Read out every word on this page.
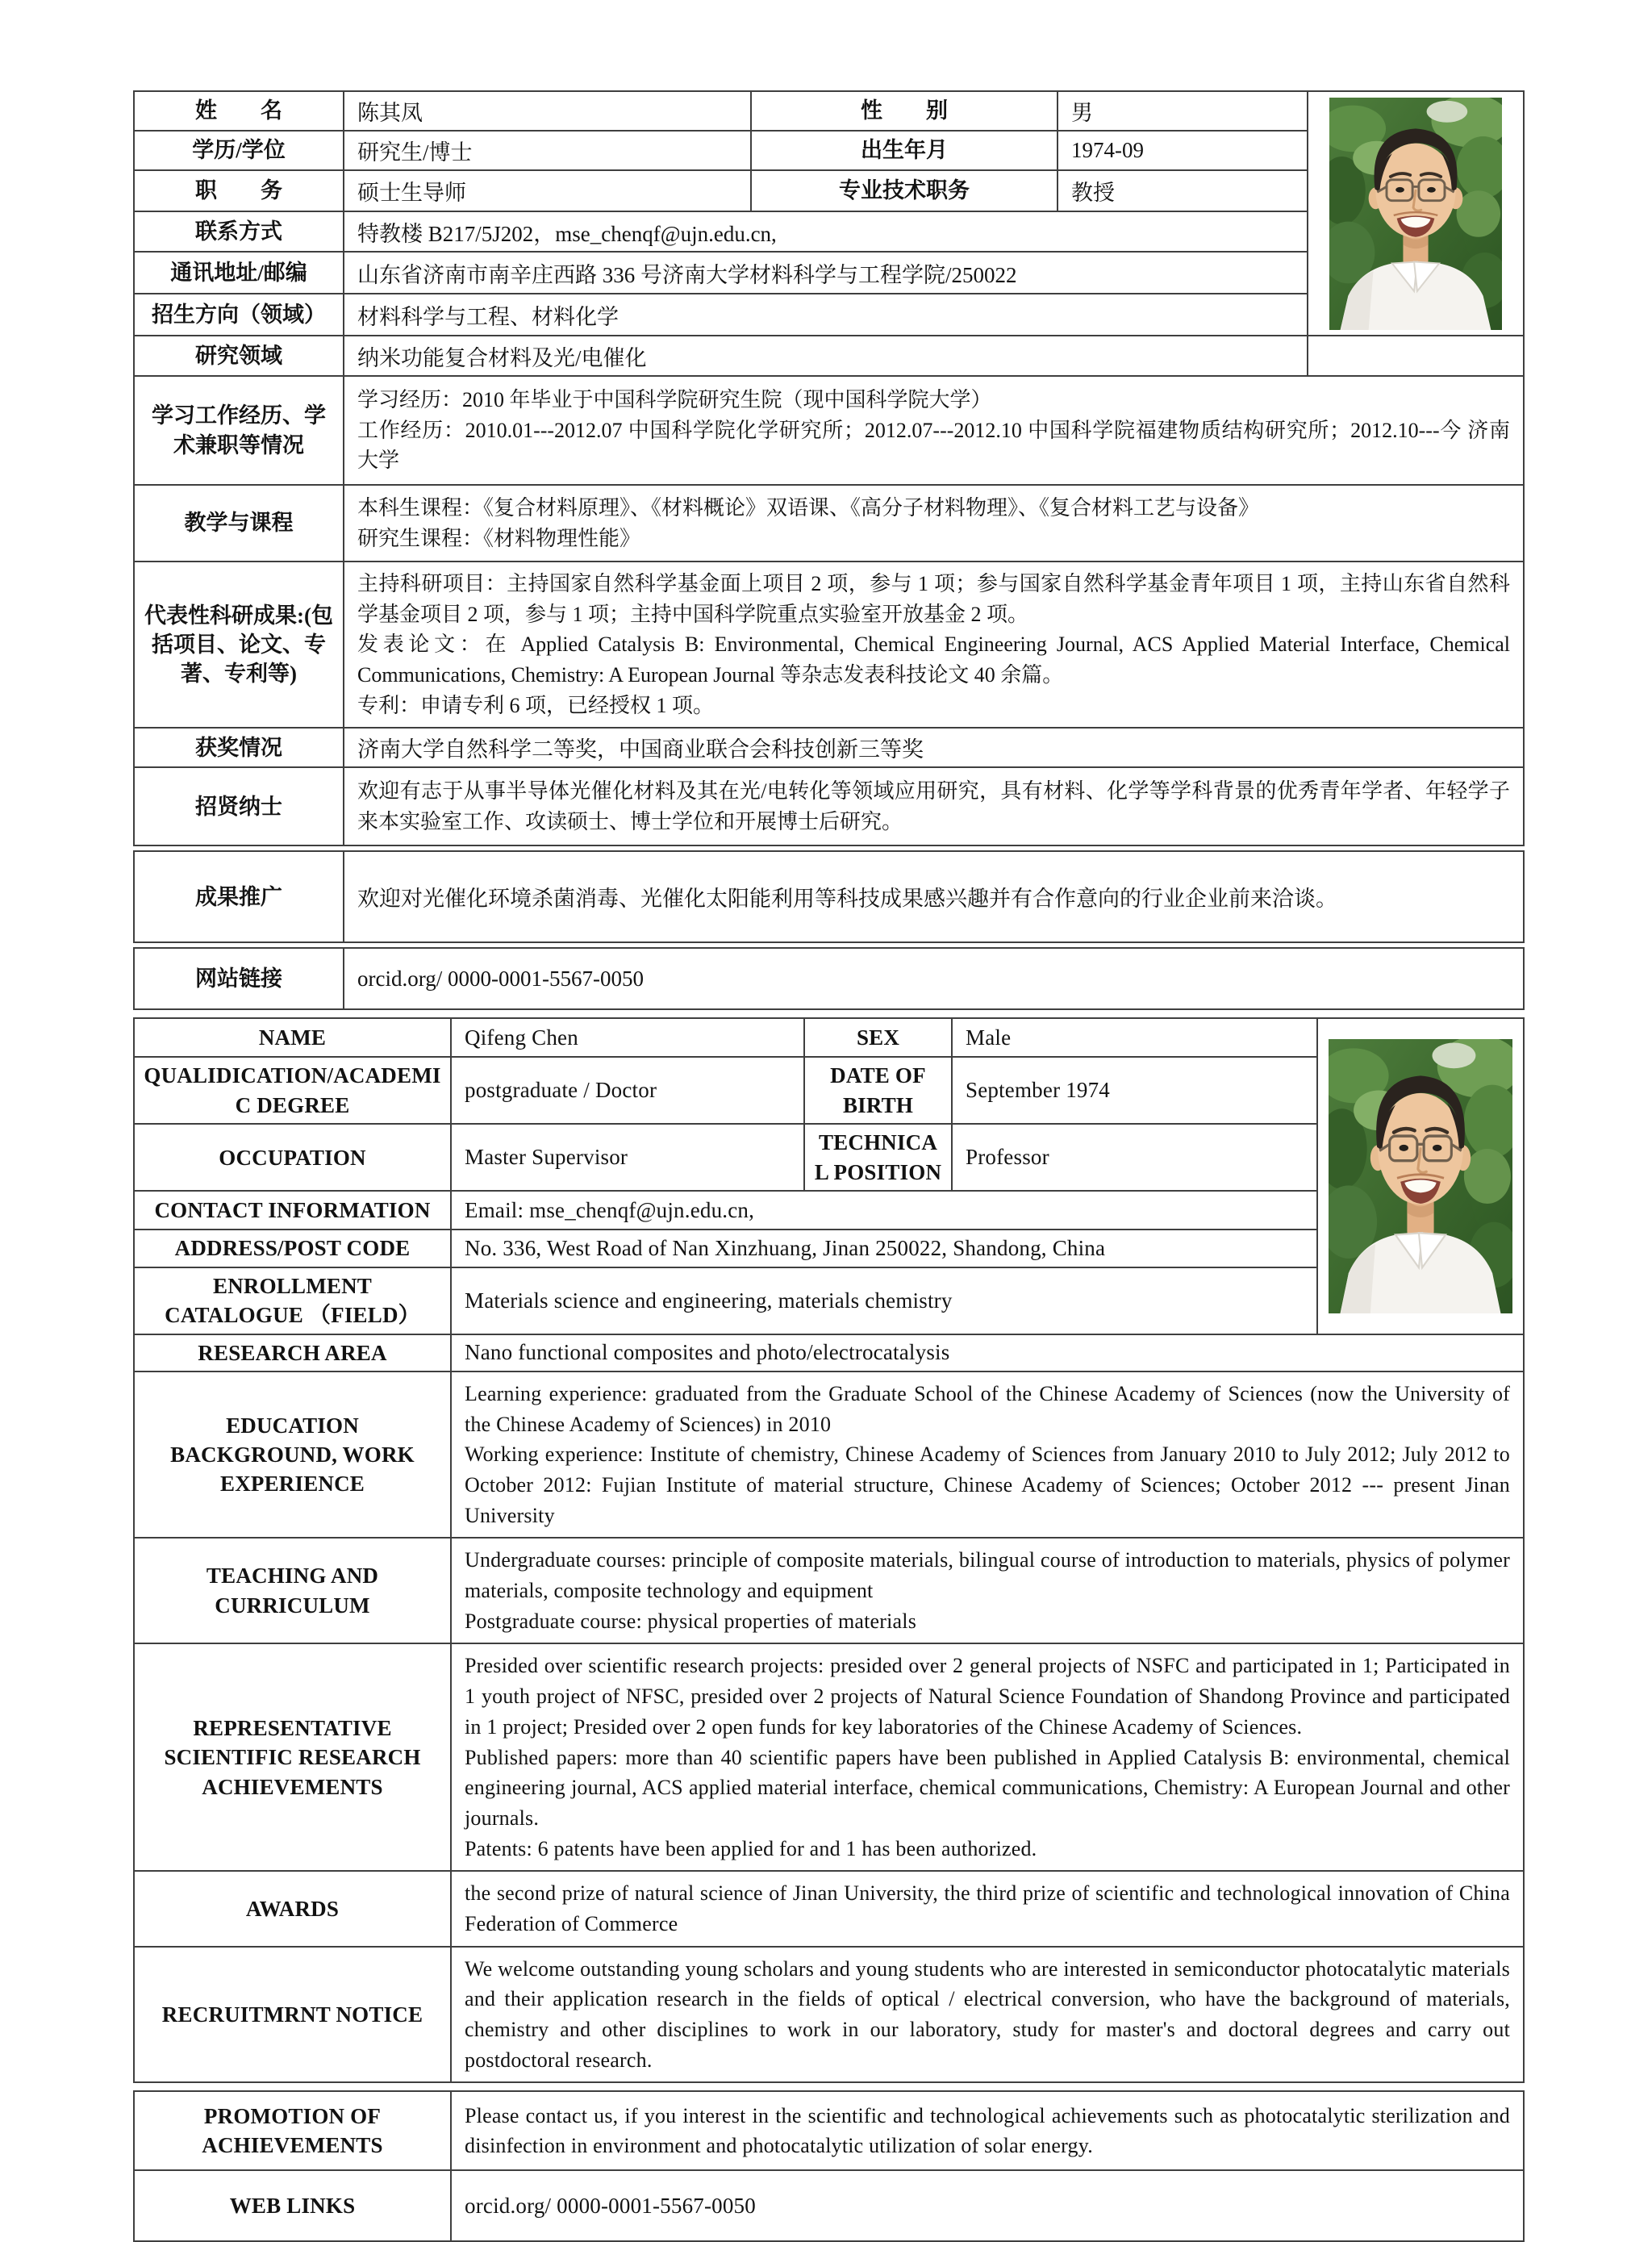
姓　　名	陈其凤	性　　别	男	
学历/学位	研究生/博士	出生年月	1974-09	
职　　务	硕士生导师	专业技术职务	教授	
联系方式	特教楼 B217/5J202，mse_chenqf@ujn.edu.cn,			
通讯地址/邮编	山东省济南市南辛庄西路 336 号济南大学材料科学与工程学院/250022			
招生方向（领域）	材料科学与工程、材料化学			
研究领域	纳米功能复合材料及光/电催化			
学习工作经历、学术兼职等情况	学习经历：2010 年毕业于中国科学院研究生院（现中国科学院大学）

工作经历：2010.01---2012.07 中国科学院化学研究所；2012.07---2012.10 中国科学院福建物质结构研究所；2012.10---今 济南大学			

教学与课程	本科生课程：《复合材料原理》、《材料概论》双语课、《高分子材料物理》、《复合材料工艺与设备》

研究生课程：《材料物理性能》			

代表性科研成果:(包括项目、论文、专著、专利等)	主持科研项目：主持国家自然科学基金面上项目 2 项，参与 1 项；参与国家自然科学基金青年项目 1 项，主持山东省自然科学基金项目 2 项，参与 1 项；主持中国科学院重点实验室开放基金 2 项。

发表论文：在 Applied Catalysis B: Environmental, Chemical Engineering Journal, ACS Applied Material Interface, Chemical Communications, Chemistry: A European Journal 等杂志发表科技论文 40 余篇。

专利：申请专利 6 项，已经授权 1 项。			

获奖情况	济南大学自然科学二等奖，中国商业联合会科技创新三等奖			
招贤纳士	欢迎有志于从事半导体光催化材料及其在光/电转化等领域应用研究，具有材料、化学等学科背景的优秀青年学者、年轻学子来本实验室工作、攻读硕士、博士学位和开展博士后研究。			

成果推广	欢迎对光催化环境杀菌消毒、光催化太阳能利用等科技成果感兴趣并有合作意向的行业企业前来洽谈。
网站链接	orcid.org/ 0000-0001-5567-0050
NAME	Qifeng Chen	SEX	Male	
QUALIDICATION/ACADEMIC DEGREE	postgraduate / Doctor	DATE OF BIRTH	September 1974	
OCCUPATION	Master Supervisor	TECHNICAL POSITION	Professor	
CONTACT INFORMATION	Email: mse_chenqf@ujn.edu.cn,			
ADDRESS/POST CODE	No. 336, West Road of Nan Xinzhuang, Jinan 250022, Shandong, China			
ENROLLMENT CATALOGUE （FIELD）	Materials science and engineering, materials chemistry			
RESEARCH AREA	Nano functional composites and photo/electrocatalysis			
EDUCATION BACKGROUND, WORK EXPERIENCE	Learning experience: graduated from the Graduate School of the Chinese Academy of Sciences (now the University of the Chinese Academy of Sciences) in 2010

Working experience: Institute of chemistry, Chinese Academy of Sciences from January 2010 to July 2012; July 2012 to October 2012: Fujian Institute of material structure, Chinese Academy of Sciences; October 2012 --- present Jinan University			

TEACHING AND CURRICULUM	Undergraduate courses: principle of composite materials, bilingual course of introduction to materials, physics of polymer materials, composite technology and equipment

Postgraduate course: physical properties of materials			

REPRESENTATIVE SCIENTIFIC RESEARCH ACHIEVEMENTS	Presided over scientific research projects: presided over 2 general projects of NSFC and participated in 1; Participated in 1 youth project of NFSC, presided over 2 projects of Natural Science Foundation of Shandong Province and participated in 1 project; Presided over 2 open funds for key laboratories of the Chinese Academy of Sciences.

Published papers: more than 40 scientific papers have been published in Applied Catalysis B: environmental, chemical engineering journal, ACS applied material interface, chemical communications, Chemistry: A European Journal and other journals.

Patents: 6 patents have been applied for and 1 has been authorized.			

AWARDS	the second prize of natural science of Jinan University, the third prize of scientific and technological innovation of China Federation of Commerce			

RECRUITMRNT NOTICE	We welcome outstanding young scholars and young students who are interested in semiconductor photocatalytic materials and their application research in the fields of optical / electrical conversion, who have the background of materials, chemistry and other disciplines to work in our laboratory, study for master's and doctoral degrees and carry out postdoctoral research.			

PROMOTION OF ACHIEVEMENTS	Please contact us, if you interest in the scientific and technological achievements such as photocatalytic sterilization and disinfection in environment and photocatalytic utilization of solar energy.

WEB LINKS	orcid.org/ 0000-0001-5567-0050
